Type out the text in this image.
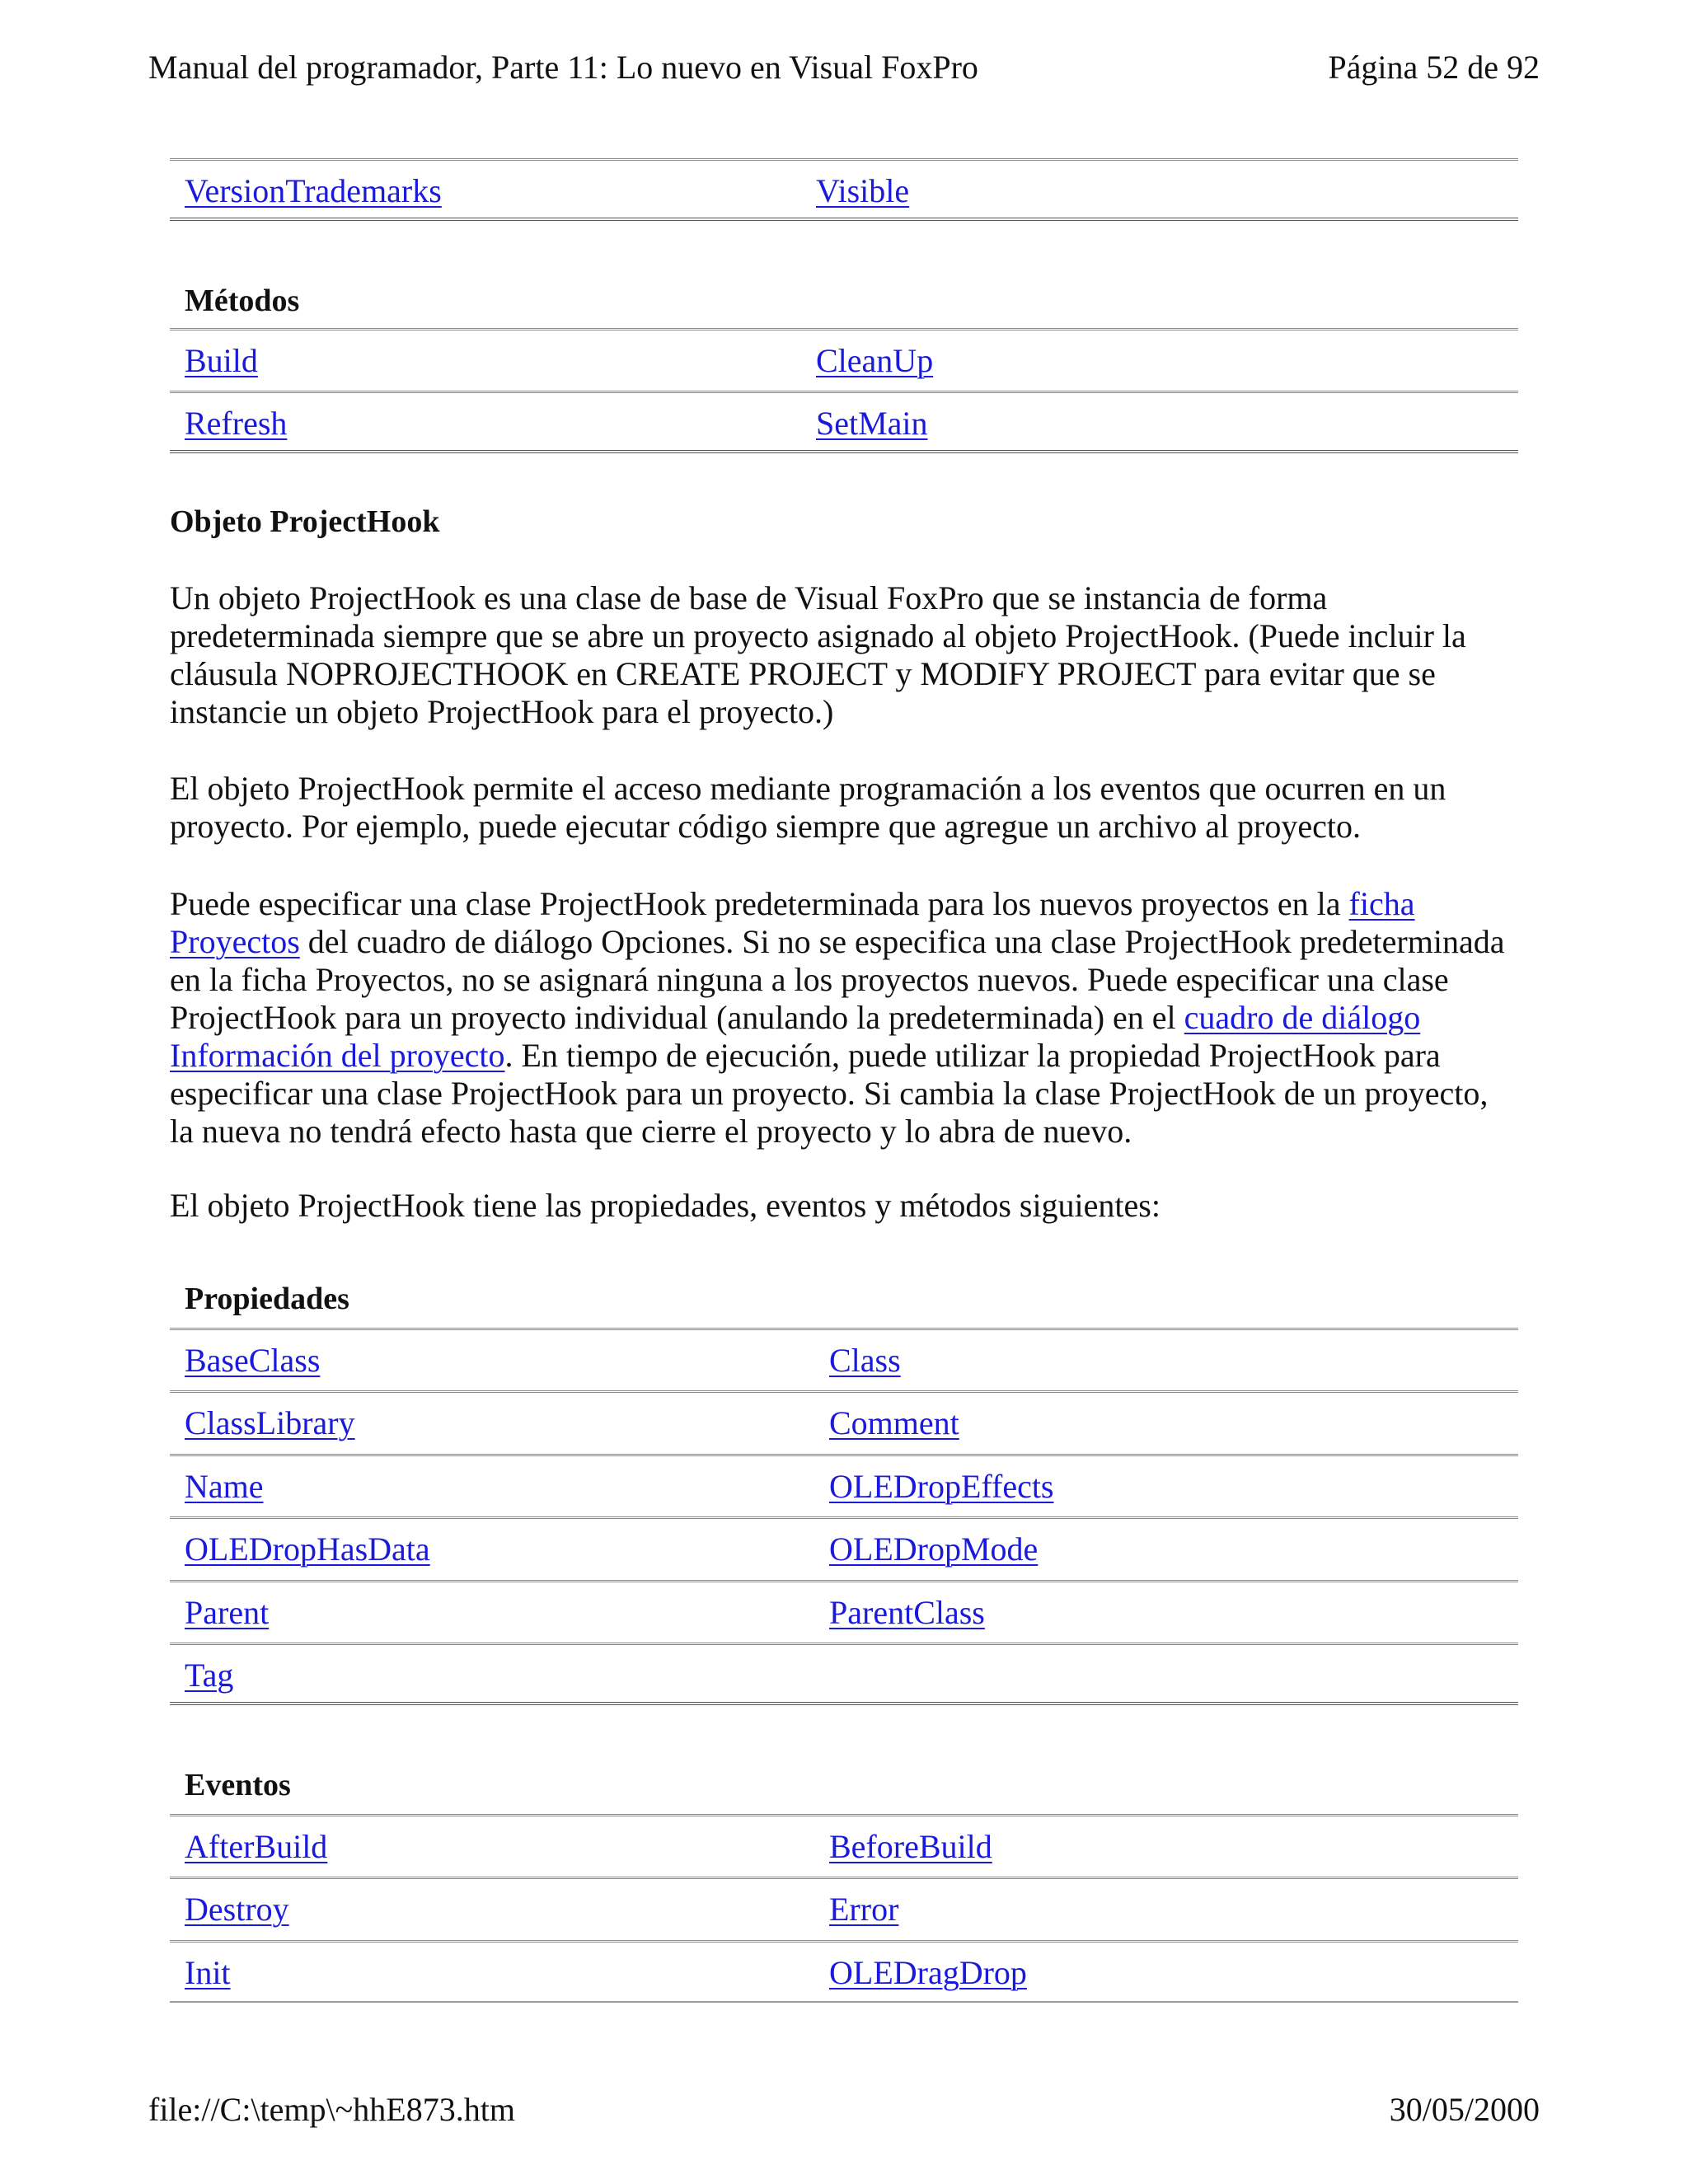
Manual del programador, Parte 11: Lo nuevo en Visual FoxPro	Página 52 de 92
VersionTrademarks	Visible
Métodos
Build	CleanUp
Refresh	SetMain
Objeto ProjectHook
Un objeto ProjectHook es una clase de base de Visual FoxPro que se instancia de forma
predeterminada siempre que se abre un proyecto asignado al objeto ProjectHook. (Puede incluir la
cláusula NOPROJECTHOOK en CREATE PROJECT y MODIFY PROJECT para evitar que se
instancie un objeto ProjectHook para el proyecto.)
El objeto ProjectHook permite el acceso mediante programación a los eventos que ocurren en un
proyecto. Por ejemplo, puede ejecutar código siempre que agregue un archivo al proyecto.
Puede especificar una clase ProjectHook predeterminada para los nuevos proyectos en la ficha
Proyectos del cuadro de diálogo Opciones. Si no se especifica una clase ProjectHook predeterminada
en la ficha Proyectos, no se asignará ninguna a los proyectos nuevos. Puede especificar una clase
ProjectHook para un proyecto individual (anulando la predeterminada) en el cuadro de diálogo
Información del proyecto. En tiempo de ejecución, puede utilizar la propiedad ProjectHook para
especificar una clase ProjectHook para un proyecto. Si cambia la clase ProjectHook de un proyecto,
la nueva no tendrá efecto hasta que cierre el proyecto y lo abra de nuevo.
El objeto ProjectHook tiene las propiedades, eventos y métodos siguientes:
Propiedades
BaseClass	Class
ClassLibrary	Comment
Name	OLEDropEffects
OLEDropHasData	OLEDropMode
Parent	ParentClass
Tag
Eventos
AfterBuild	BeforeBuild
Destroy	Error
Init	OLEDragDrop
file://C:\temp\~hhE873.htm	30/05/2000
